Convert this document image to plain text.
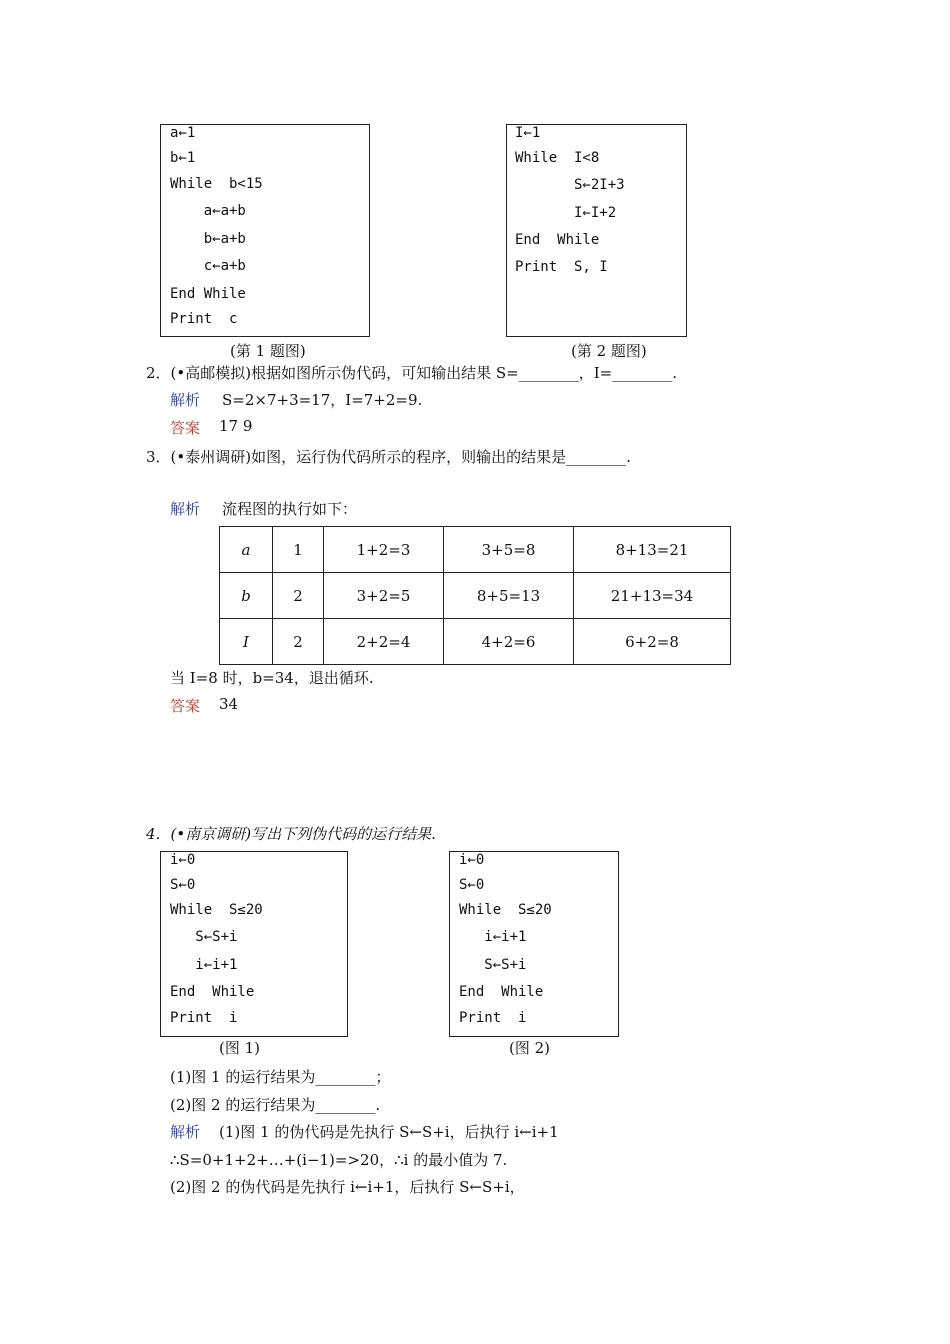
a←1
b←1
While  b<15
a←a+b
b←a+b
c←a+b
End While
Print  c
(第 1 题图)
I←1
While  I<8
S←2I+3
I←I+2
End  While
Print  S, I
(第 2 题图)
2．(•高邮模拟)根据如图所示伪代码，可知输出结果 S=________，I=________.
解析 S=2×7+3=17，I=7+2=9.
答案 17 9
3．(•泰州调研)如图，运行伪代码所示的程序，则输出的结果是________.
解析 流程图的执行如下：
a	1	1+2=3	3+5=8	8+13=21
b	2	3+2=5	8+5=13	21+13=34
I	2	2+2=4	4+2=6	6+2=8
当 I=8 时，b=34，退出循环.
答案 34
4．(•南京调研)写出下列伪代码的运行结果.
i←0
S←0
While  S≤20
S←S+i
i←i+1
End  While
Print  i
(图 1)
i←0
S←0
While  S≤20
i←i+1
S←S+i
End  While
Print  i
(图 2)
(1)图 1 的运行结果为________；
(2)图 2 的运行结果为________.
解析 (1)图 1 的伪代码是先执行 S←S+i，后执行 i←i+1
∴S=0+1+2+…+(i−1)=>20，∴i 的最小值为 7.
(2)图 2 的伪代码是先执行 i←i+1，后执行 S←S+i，
